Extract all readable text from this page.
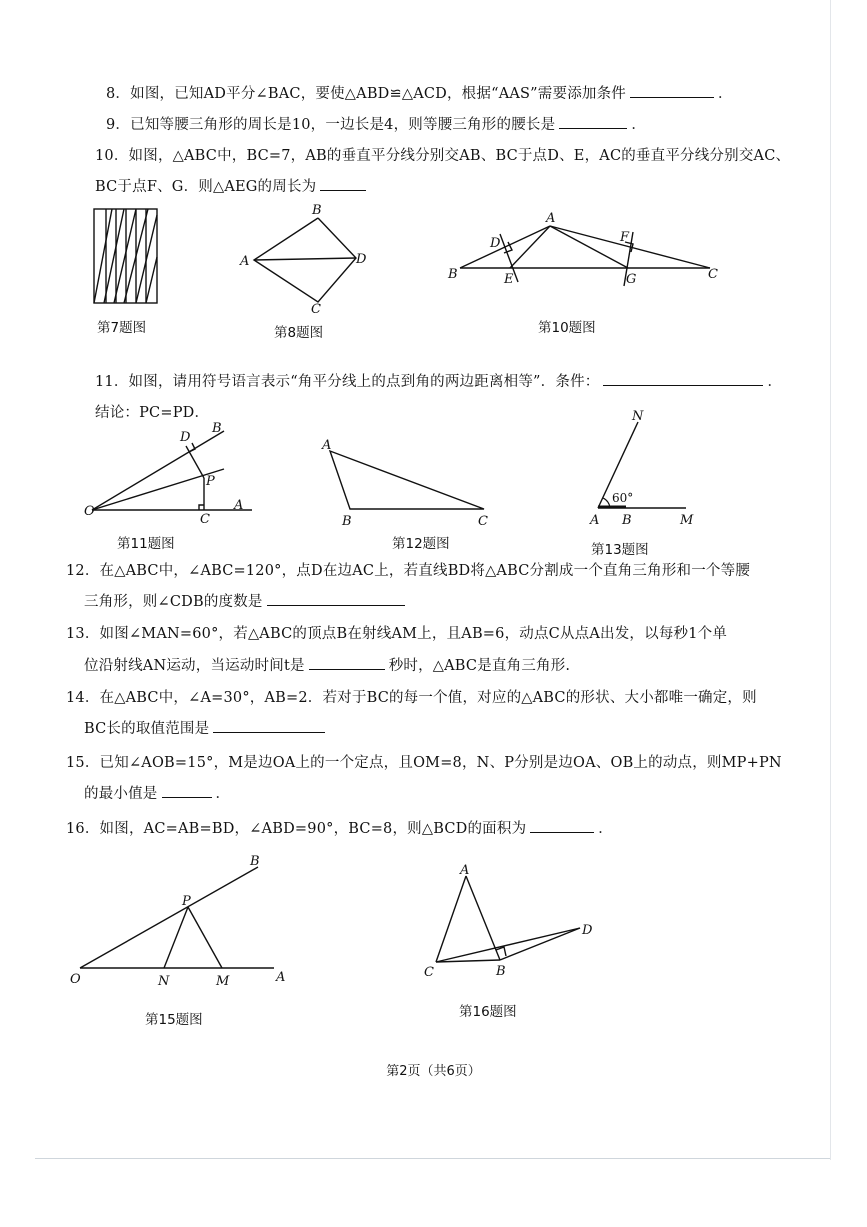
8．如图，已知AD平分∠BAC，要使△ABD≌△ACD，根据“AAS”需要添加条件	．
9．已知等腰三角形的周长是10，一边长是4，则等腰三角形的腰长是	．
10．如图，△ABC中，BC=7，AB的垂直平分线分别交AB、BC于点D、E，AC的垂直平分线分别交AC、
BC于点F、G．则△AEG的周长为
第7题图
B
A	D
C
第8题图
A
D	F
B	E	G	C
第10题图
11．如图，请用符号语言表示“角平分线上的点到角的两边距离相等”．条件：	．
结论：PC=PD．
D
B
P
O
C
A
第11题图
A
B	C
第12题图
N
60°
A B	M
第13题图
12．在△ABC中，∠ABC=120°，点D在边AC上，若直线BD将△ABC分割成一个直角三角形和一个等腰
三角形，则∠CDB的度数是
13．如图∠MAN=60°，若△ABC的顶点B在射线AM上，且AB=6，动点C从点A出发，以每秒1个单
位沿射线AN运动，当运动时间t是	秒时，△ABC是直角三角形.
14．在△ABC中，∠A=30°，AB=2．若对于BC的每一个值，对应的△ABC的形状、大小都唯一确定，则
BC长的取值范围是
15．已知∠AOB=15°，M是边OA上的一个定点，且OM=8，N、P分别是边OA、OB上的动点，则MP+PN
的最小值是	．
16．如图，AC=AB=BD，∠ABD=90°，BC=8，则△BCD的面积为	．
B
P
O	N	M	A
第15题图
A
D
C	B
第16题图
第2页（共6页）
